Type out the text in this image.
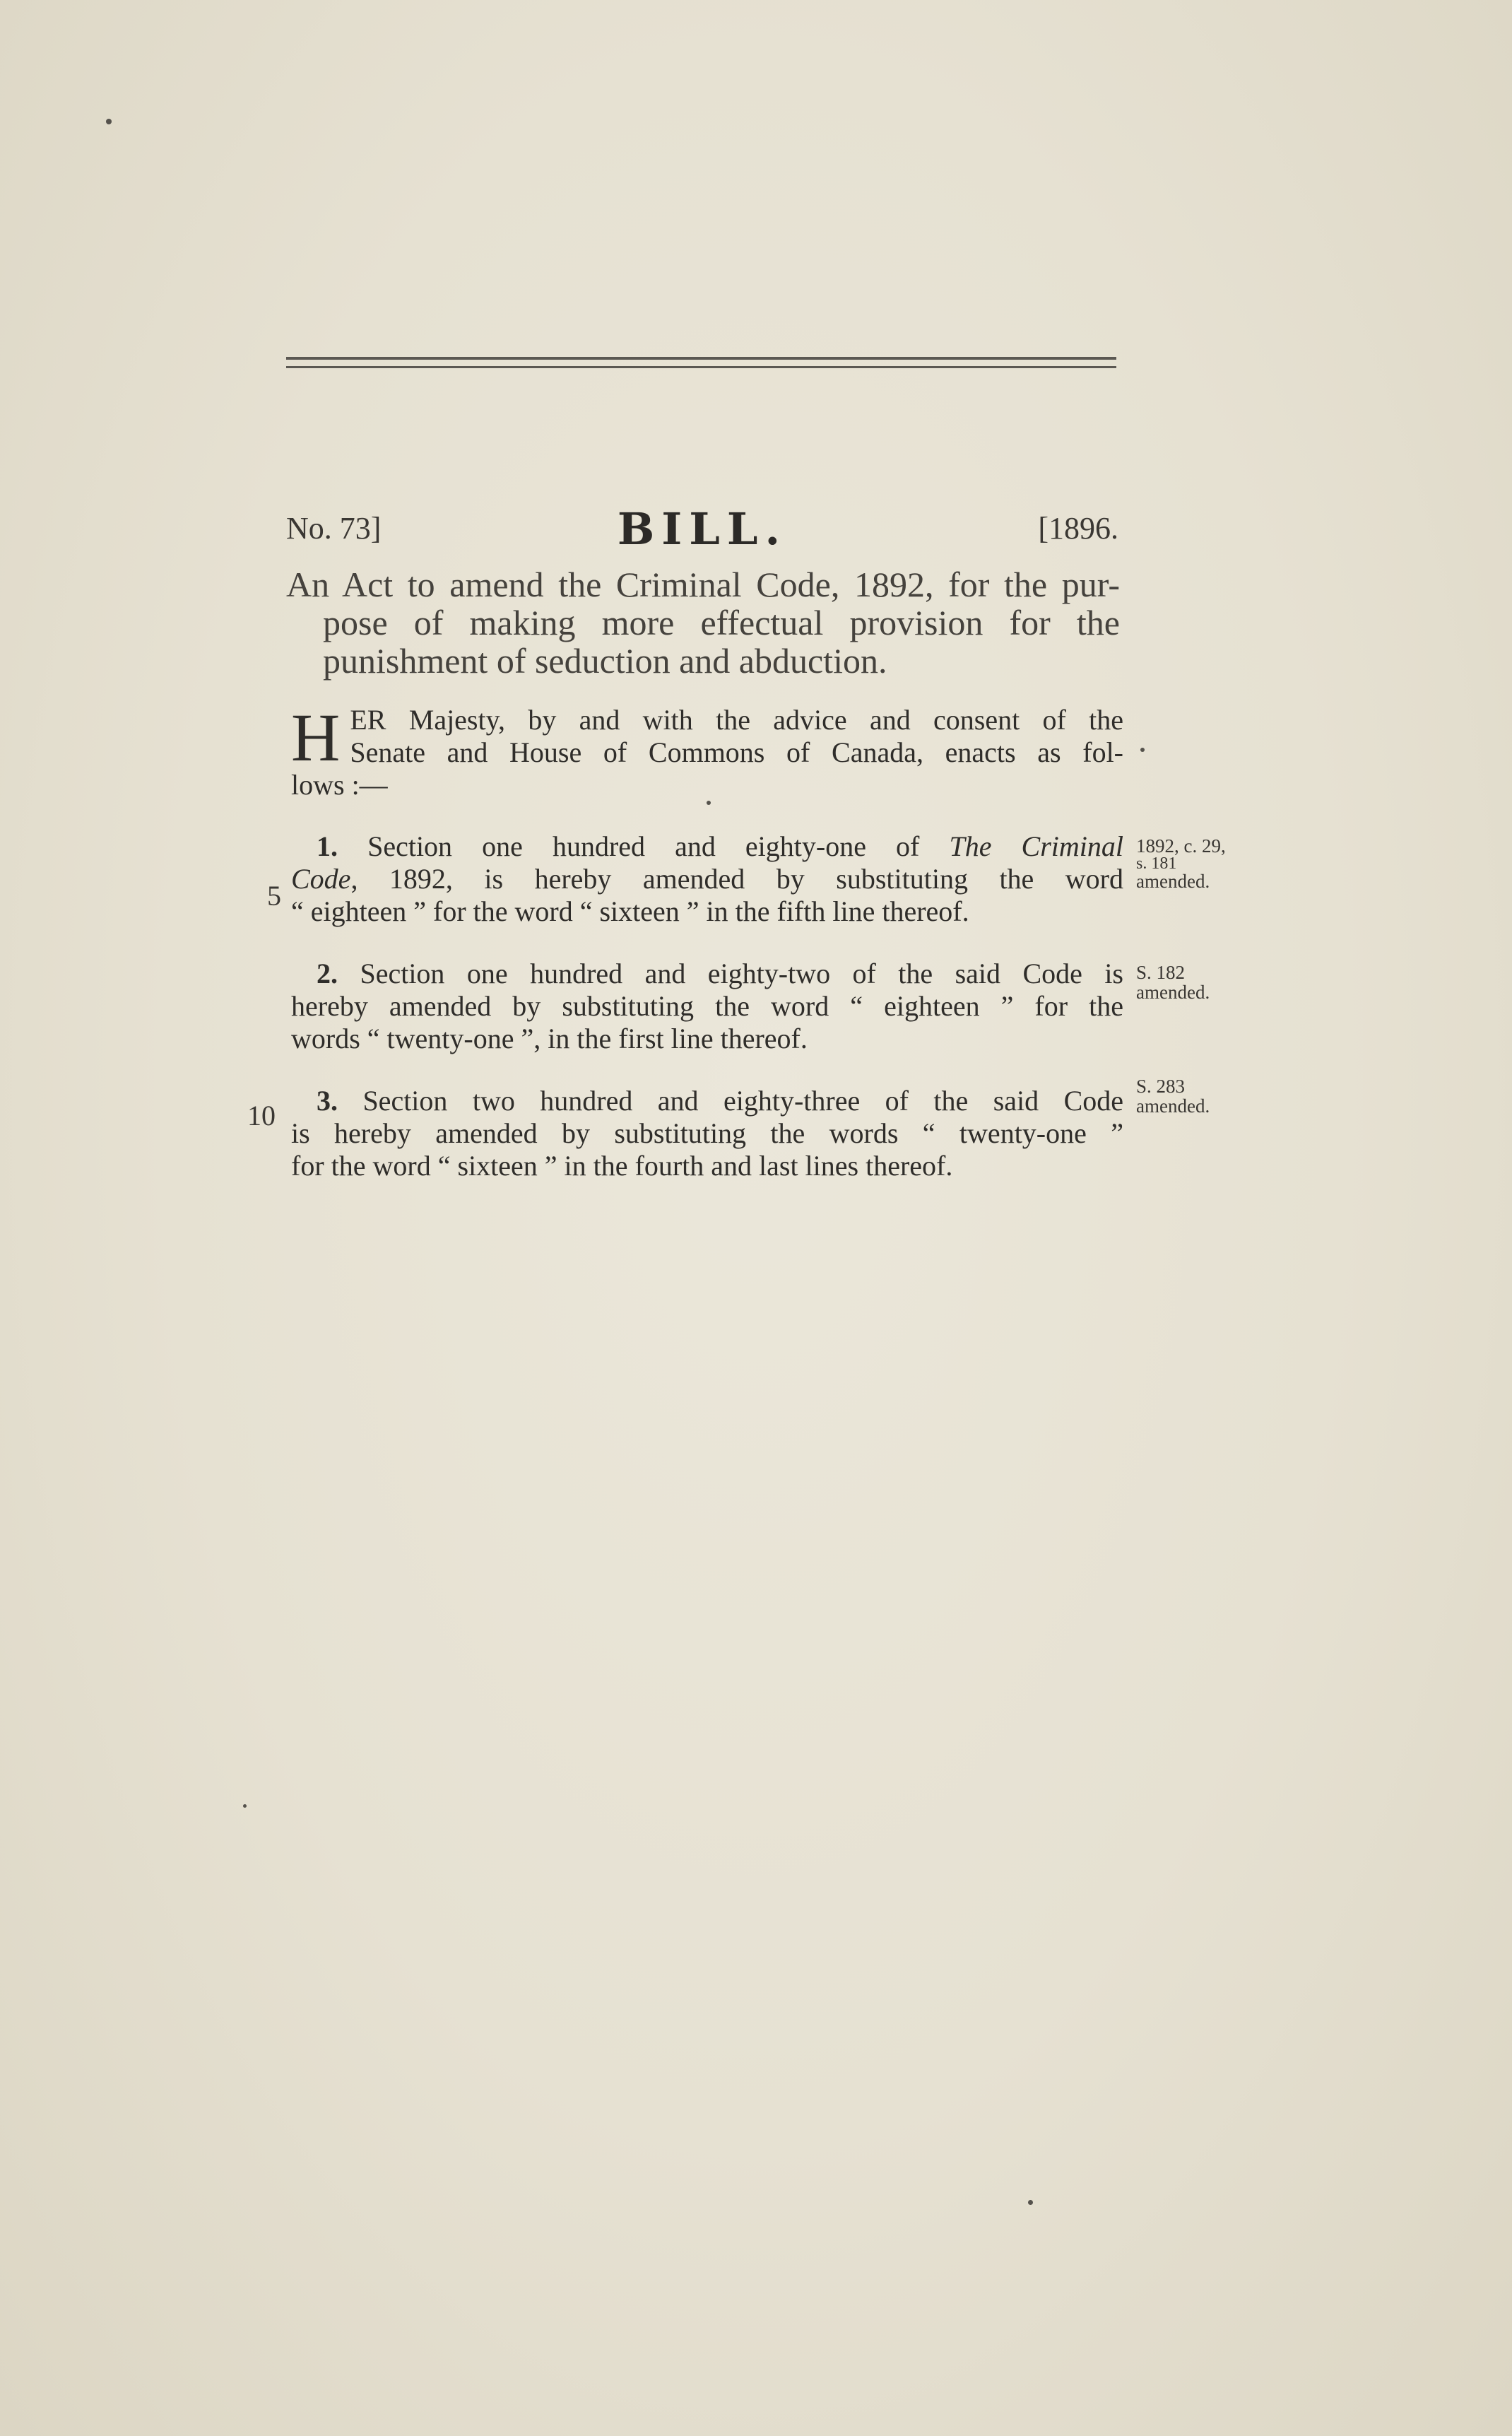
No. 73]	BILL.	[1896.
An Act to amend the Criminal Code, 1892, for the pur-
pose of making more effectual provision for the
punishment of seduction and abduction.
H ER Majesty, by and with the advice and consent of the
Senate and House of Commons of Canada, enacts as fol-
lows :—
1. Section one hundred and eighty-one of The Criminal
Code, 1892, is hereby amended by substituting the word
“ eighteen ” for the word “ sixteen ” in the fifth line thereof.
2. Section one hundred and eighty-two of the said Code is
hereby amended by substituting the word “ eighteen ” for the
words “ twenty-one ”, in the first line thereof.
3. Section two hundred and eighty-three of the said Code
is hereby amended by substituting the words “ twenty-one ”
for the word “ sixteen ” in the fourth and last lines thereof.
5
10
1892, c. 29,
s. 181
amended.
S. 182
amended.
S. 283
amended.
